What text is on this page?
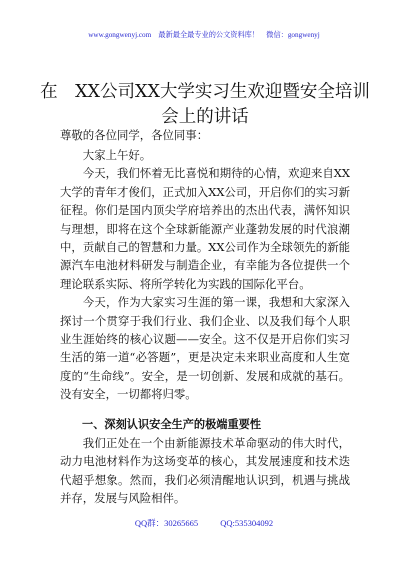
www.gongwenyj.com 最新最全最专业的公文资料库！ 微信：gongwenyj
在　XX公司XX大学实习生欢迎暨安全培训会上的讲话
尊敬的各位同学，各位同事：

大家上午好。

今天，我们怀着无比喜悦和期待的心情，欢迎来自XX大学的青年才俊们，正式加入XX公司，开启你们的实习新征程。你们是国内顶尖学府培养出的杰出代表，满怀知识与理想，即将在这个全球新能源产业蓬勃发展的时代浪潮中，贡献自己的智慧和力量。XX公司作为全球领先的新能源汽车电池材料研发与制造企业，有幸能为各位提供一个理论联系实际、将所学转化为实践的国际化平台。

今天，作为大家实习生涯的第一课，我想和大家深入探讨一个贯穿于我们行业、我们企业、以及我们每个人职业生涯始终的核心议题——安全。这不仅是开启你们实习生活的第一道“必答题”，更是决定未来职业高度和人生宽度的“生命线”。安全，是一切创新、发展和成就的基石。没有安全，一切都将归零。

一、深刻认识安全生产的极端重要性

我们正处在一个由新能源技术革命驱动的伟大时代，动力电池材料作为这场变革的核心，其发展速度和技术迭代超乎想象。然而，我们必须清醒地认识到，机遇与挑战并存，发展与风险相伴。

QQ群：30265665	QQ:535304092
